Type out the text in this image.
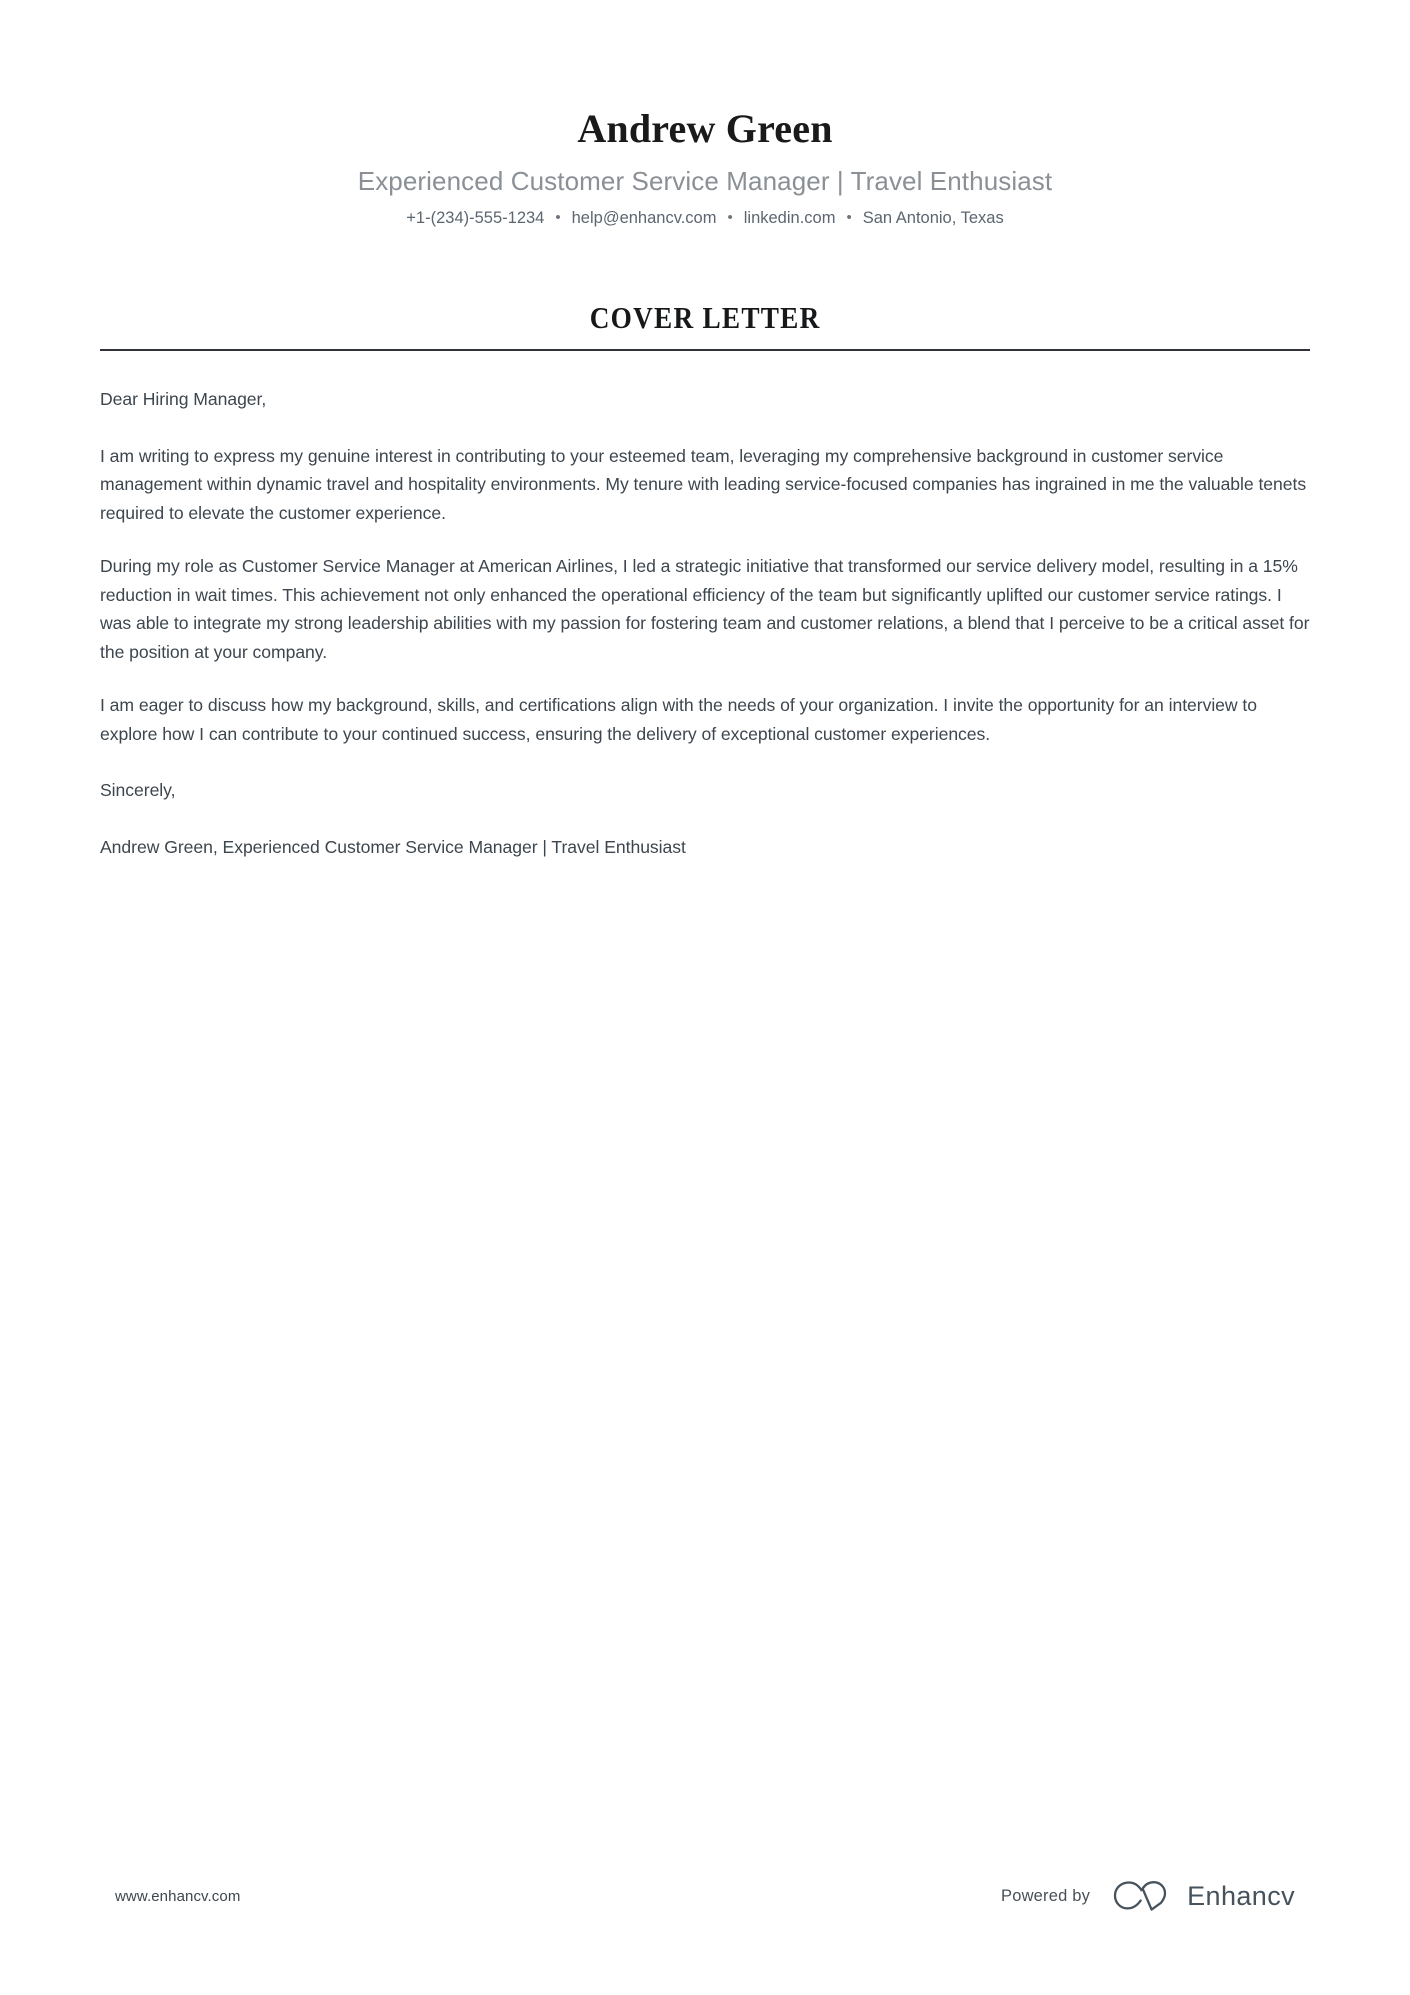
Andrew Green
Experienced Customer Service Manager | Travel Enthusiast
+1-(234)-555-1234 • help@enhancv.com • linkedin.com • San Antonio, Texas
COVER LETTER

Dear Hiring Manager,

I am writing to express my genuine interest in contributing to your esteemed team, leveraging my comprehensive background in customer service management within dynamic travel and hospitality environments. My tenure with leading service-focused companies has ingrained in me the valuable tenets required to elevate the customer experience.

During my role as Customer Service Manager at American Airlines, I led a strategic initiative that transformed our service delivery model, resulting in a 15% reduction in wait times. This achievement not only enhanced the operational efficiency of the team but significantly uplifted our customer service ratings. I was able to integrate my strong leadership abilities with my passion for fostering team and customer relations, a blend that I perceive to be a critical asset for the position at your company.

I am eager to discuss how my background, skills, and certifications align with the needs of your organization. I invite the opportunity for an interview to explore how I can contribute to your continued success, ensuring the delivery of exceptional customer experiences.

Sincerely,

Andrew Green, Experienced Customer Service Manager | Travel Enthusiast

www.enhancv.com	Powered by	Enhancv
